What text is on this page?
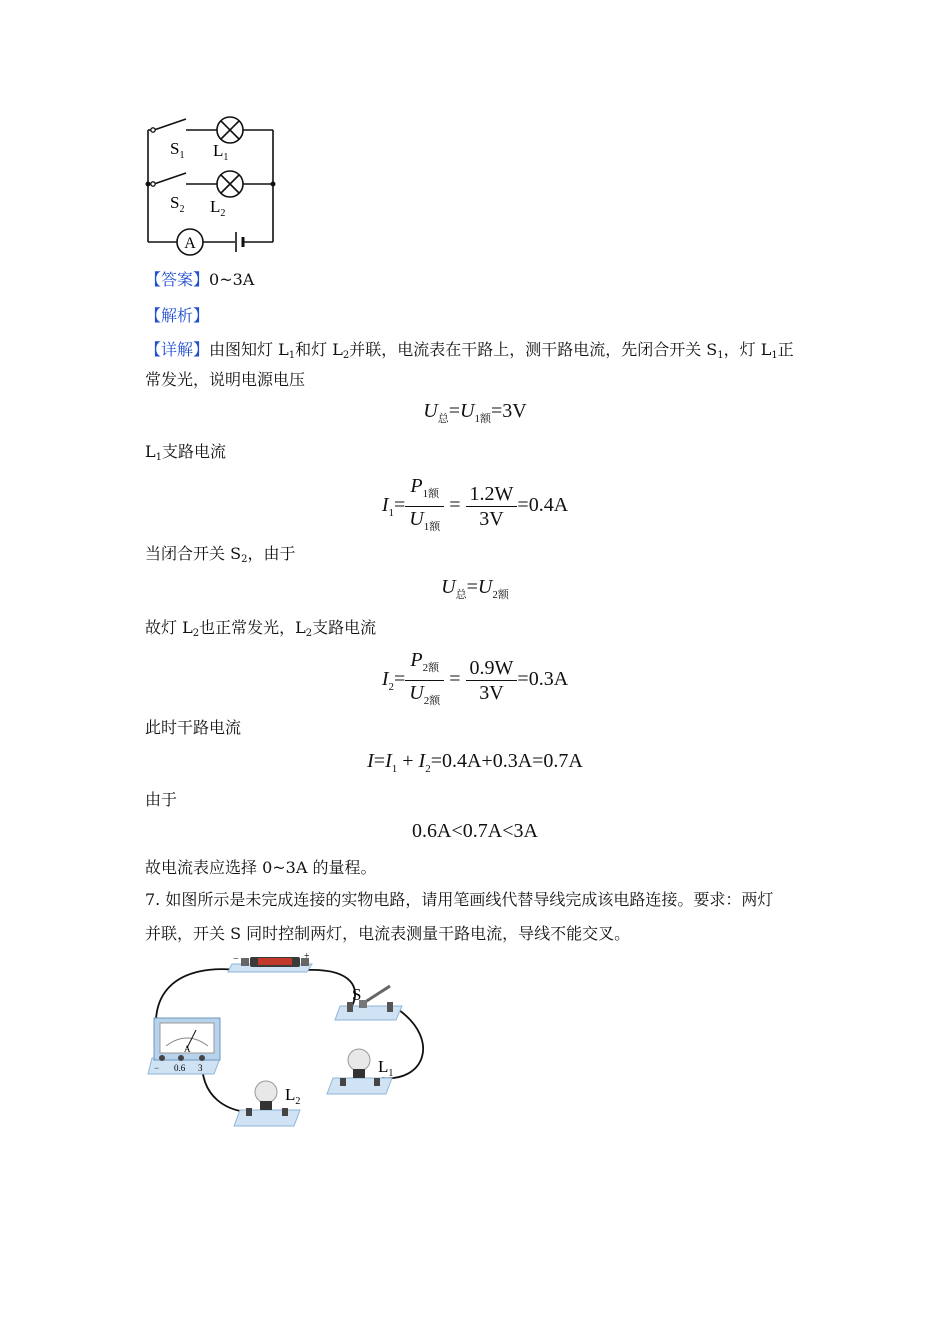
A
$S_1$ $L_1$
$S_2$ $L_2$
【答案】0~3A
【解析】
【详解】由图知灯 $L_1$和灯 $L_2$并联，电流表在干路上，测干路电流，先闭合开关 $S_1$，灯 $L_1$正
常发光，说明电源电压
$U_总=U_{1额}=3V$
$L_1$支路电流
$I_1= \frac{P_{1额}}{U_{1额}} = \frac{1.2W}{3V} =0.4A$
当闭合开关 $S_2$，由于
$U_总=U_{2额}$
故灯 $L_2$也正常发光，$L_2$支路电流
$I_2= \frac{P_{2额}}{U_{2额}} = \frac{0.9W}{3V} =0.3A$
此时干路电流
$I=I_1 + I_2=0.4A+0.3A=0.7A$
由于
0.6A<0.7A<3A
故电流表应选择 0~3A 的量程。
7. 如图所示是未完成连接的实物电路，请用笔画线代替导线完成该电路连接。要求：两灯
并联，开关 S 同时控制两灯，电流表测量干路电流，导线不能交叉。
−	+
S
A
− 0.6 3	$L_1$
$L_2$
